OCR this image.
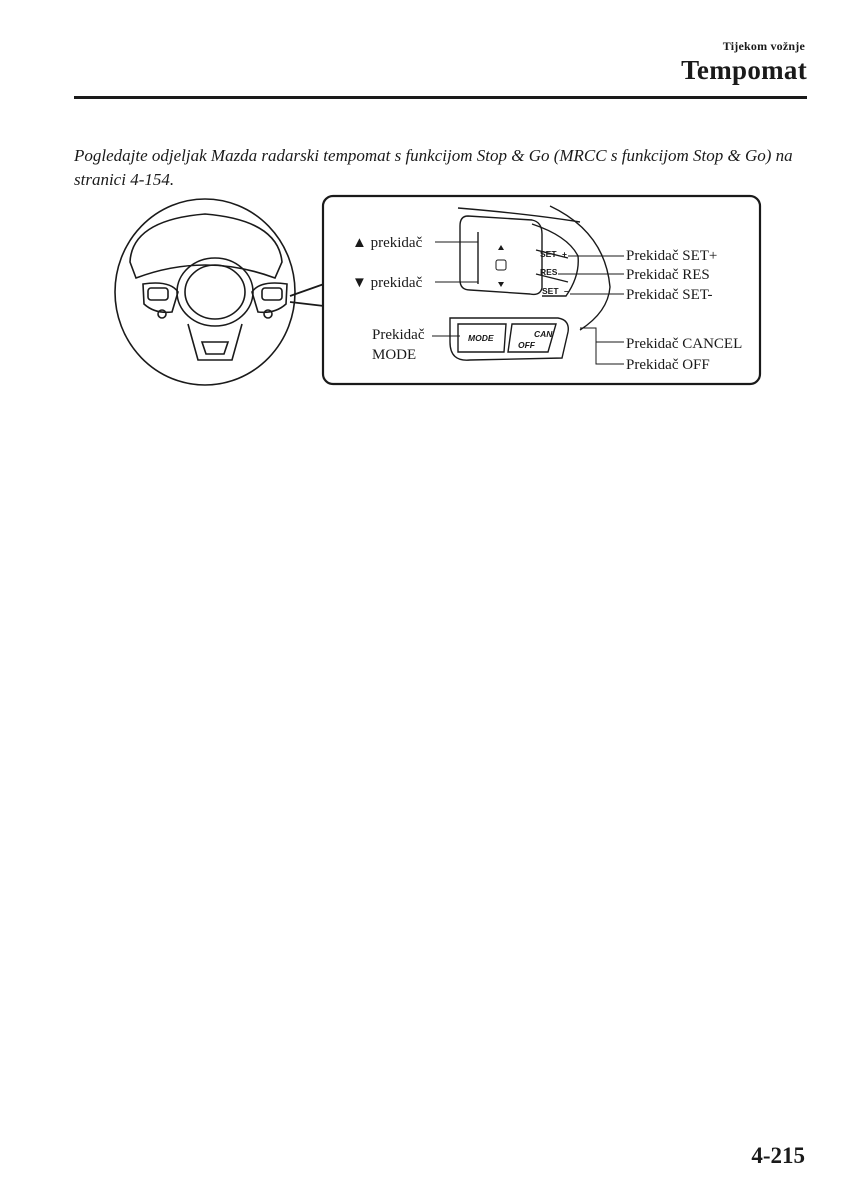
Tijekom vožnje
Tempomat
Pogledajte odjeljak Mazda radarski tempomat s funkcijom Stop & Go (MRCC s funkcijom Stop & Go) na stranici 4-154.
▲ prekidač
▼ prekidač
Prekidač
MODE
Prekidač SET+
Prekidač RES
Prekidač SET-
Prekidač CANCEL
Prekidač OFF
SET +
RES
SET –
MODE	CAN
OFF
4-215
